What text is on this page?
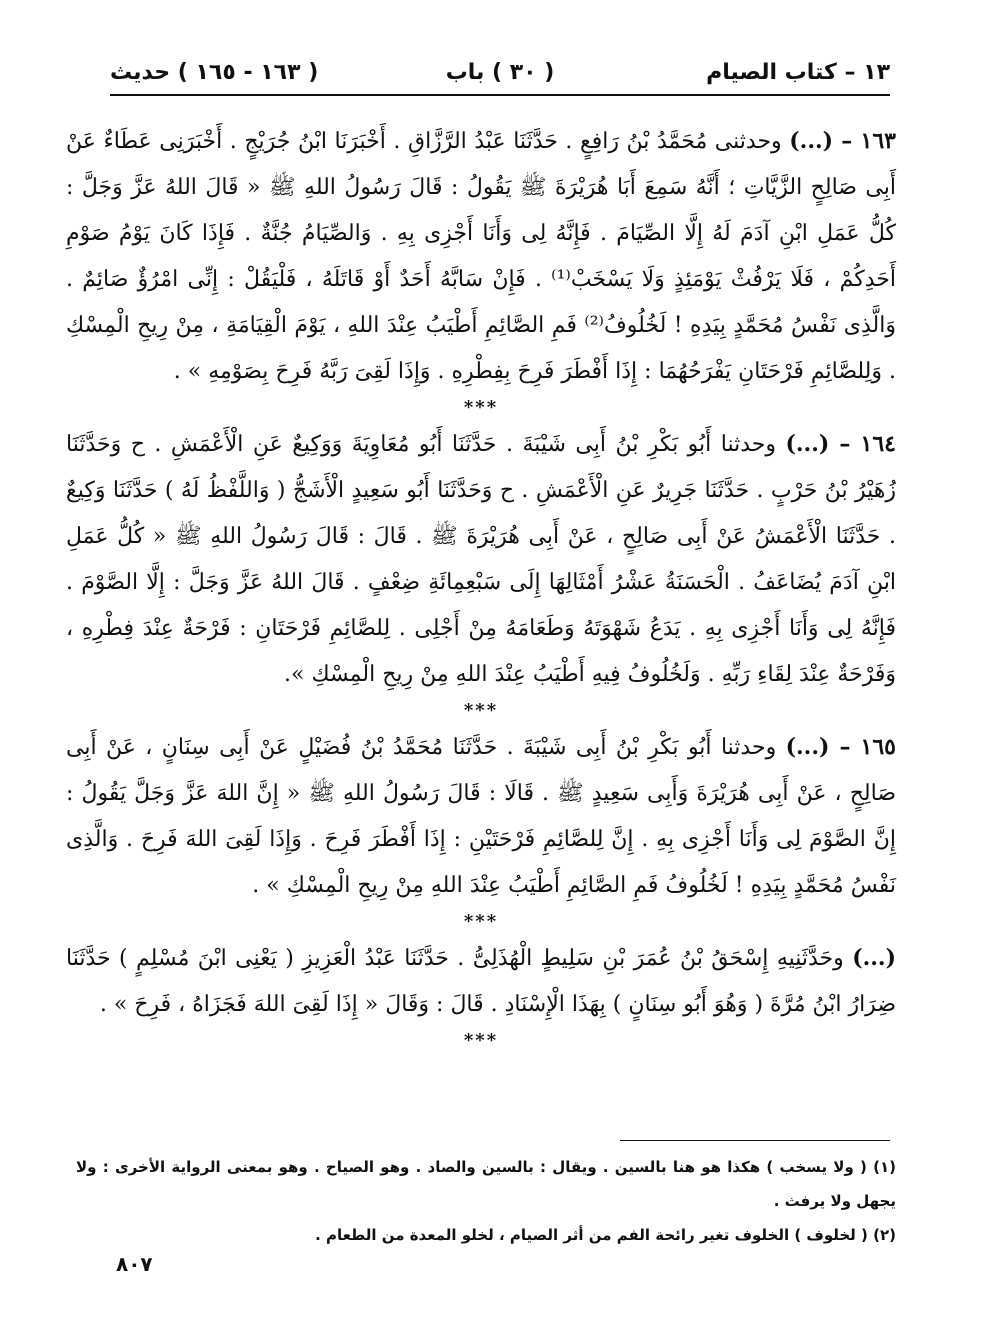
١٣ – كتاب الصيام
( ٣٠ ) باب
( ١٦٣ - ١٦٥ ) حديث

١٦٣ – (...) وحدثنى مُحَمَّدُ بْنُ رَافِعٍ . حَدَّثَنَا عَبْدُ الرَّزَّاقِ . أَخْبَرَنَا ابْنُ جُرَيْجٍ . أَخْبَرَنِى عَطَاءٌ عَنْ أَبِى صَالِحٍ الزَّيَّاتِ ؛ أَنَّهُ سَمِعَ أَبَا هُرَيْرَةَ ﷺ يَقُولُ : قَالَ رَسُولُ اللهِ ﷺ « قَالَ اللهُ عَزَّ وَجَلَّ : كُلُّ عَمَلِ ابْنِ آدَمَ لَهُ إِلَّا الصِّيَامَ . فَإِنَّهُ لِى وَأَنَا أَجْزِى بِهِ . وَالصِّيَامُ جُنَّةٌ . فَإِذَا كَانَ يَوْمُ صَوْمِ أَحَدِكُمْ ، فَلَا يَرْفُثْ يَوْمَئِذٍ وَلَا يَسْخَبْ⁽¹⁾ . فَإِنْ سَابَّهُ أَحَدٌ أَوْ قَاتَلَهُ ، فَلْيَقُلْ : إِنِّى امْرُؤٌ صَائِمٌ . وَالَّذِى نَفْسُ مُحَمَّدٍ بِيَدِهِ ! لَخُلُوفُ⁽²⁾ فَمِ الصَّائِمِ أَطْيَبُ عِنْدَ اللهِ ، يَوْمَ الْقِيَامَةِ ، مِنْ رِيحِ الْمِسْكِ . وَلِلصَّائِمِ فَرْحَتَانِ يَفْرَحُهُمَا : إِذَا أَفْطَرَ فَرِحَ بِفِطْرِهِ . وَإِذَا لَقِىَ رَبَّهُ فَرِحَ بِصَوْمِهِ » .

***

١٦٤ – (...) وحدثنا أَبُو بَكْرِ بْنُ أَبِى شَيْبَةَ . حَدَّثَنَا أَبُو مُعَاوِيَةَ وَوَكِيعٌ عَنِ الْأَعْمَشِ . ح وَحَدَّثَنَا زُهَيْرُ بْنُ حَرْبٍ . حَدَّثَنَا جَرِيرٌ عَنِ الْأَعْمَشِ . ح وَحَدَّثَنَا أَبُو سَعِيدٍ الْأَشَجُّ ( وَاللَّفْظُ لَهُ ) حَدَّثَنَا وَكِيعٌ . حَدَّثَنَا الْأَعْمَشُ عَنْ أَبِى صَالِحٍ ، عَنْ أَبِى هُرَيْرَةَ ﷺ . قَالَ : قَالَ رَسُولُ اللهِ ﷺ « كُلُّ عَمَلِ ابْنِ آدَمَ يُضَاعَفُ . الْحَسَنَةُ عَشْرُ أَمْثَالِهَا إِلَى سَبْعِمِائَةِ ضِعْفٍ . قَالَ اللهُ عَزَّ وَجَلَّ : إِلَّا الصَّوْمَ . فَإِنَّهُ لِى وَأَنَا أَجْزِى بِهِ . يَدَعُ شَهْوَتَهُ وَطَعَامَهُ مِنْ أَجْلِى . لِلصَّائِمِ فَرْحَتَانِ : فَرْحَةٌ عِنْدَ فِطْرِهِ ، وَفَرْحَةٌ عِنْدَ لِقَاءِ رَبِّهِ . وَلَخُلُوفُ فِيهِ أَطْيَبُ عِنْدَ اللهِ مِنْ رِيحِ الْمِسْكِ ».

***

١٦٥ – (...) وحدثنا أَبُو بَكْرِ بْنُ أَبِى شَيْبَةَ . حَدَّثَنَا مُحَمَّدُ بْنُ فُضَيْلٍ عَنْ أَبِى سِنَانٍ ، عَنْ أَبِى صَالِحٍ ، عَنْ أَبِى هُرَيْرَةَ وَأَبِى سَعِيدٍ ﷺ . قَالَا : قَالَ رَسُولُ اللهِ ﷺ « إِنَّ اللهَ عَزَّ وَجَلَّ يَقُولُ : إِنَّ الصَّوْمَ لِى وَأَنَا أَجْزِى بِهِ . إِنَّ لِلصَّائِمِ فَرْحَتَيْنِ : إِذَا أَفْطَرَ فَرِحَ . وَإِذَا لَقِىَ اللهَ فَرِحَ . وَالَّذِى نَفْسُ مُحَمَّدٍ بِيَدِهِ ! لَخُلُوفُ فَمِ الصَّائِمِ أَطْيَبُ عِنْدَ اللهِ مِنْ رِيحِ الْمِسْكِ » .

***

(...) وحَدَّثَنِيهِ إِسْحَقُ بْنُ عُمَرَ بْنِ سَلِيطٍ الْهُذَلِىُّ . حَدَّثَنَا عَبْدُ الْعَزِيزِ ( يَعْنِى ابْنَ مُسْلِمٍ ) حَدَّثَنَا ضِرَارُ ابْنُ مُرَّةَ ( وَهُوَ أَبُو سِنَانٍ ) بِهَذَا الْإِسْنَادِ . قَالَ : وَقَالَ « إِذَا لَقِىَ اللهَ فَجَزَاهُ ، فَرِحَ » .

***

(١) ( ولا يسخب ) هكذا هو هنا بالسين . ويقال : بالسين والصاد . وهو الصياح . وهو بمعنى الرواية الأخرى : ولا يجهل ولا يرفث .

(٢) ( لخلوف ) الخلوف تغير رائحة الفم من أثر الصيام ، لخلو المعدة من الطعام .

٨٠٧
